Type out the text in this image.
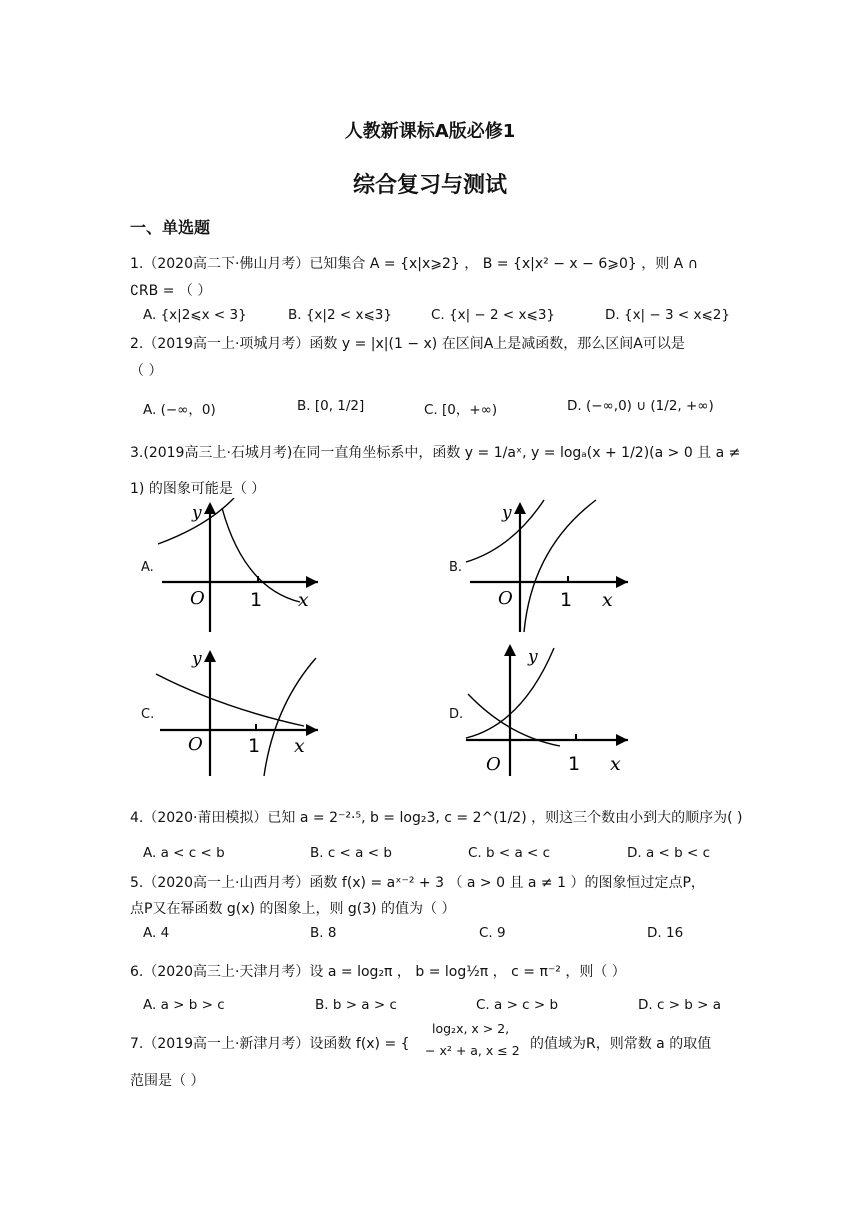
人教新课标A版必修1
综合复习与测试
一、单选题
1.（2020高二下·佛山月考）已知集合 A = {x|x⩾2} ， B = {x|x² − x − 6⩾0} ，则 A ∩
∁RB = （ ）
A. {x|2⩽x < 3}	B. {x|2 < x⩽3}	C. {x| − 2 < x⩽3}	D. {x| − 3 < x⩽2}
2.（2019高一上·项城月考）函数 y = |x|(1 − x) 在区间A上是减函数，那么区间A可以是
（ ）
A. (−∞，0)	B. [0, 1/2]	C. [0，+∞)	D. (−∞,0) ∪ (1/2, +∞)
3.(2019高三上·石城月考)在同一直角坐标系中，函数 y = 1/aˣ, y = logₐ(x + 1/2)(a > 0 且 a ≠
1) 的图象可能是（ ）
A.	B.
C.	D.
y
O 1 x
y
O 1 x
y
O 1 x
y
O	1 x
4.（2020·莆田模拟）已知 a = 2⁻²·⁵, b = log₂3, c = 2^(1/2) ，则这三个数由小到大的顺序为( )
A. a < c < b	B. c < a < b	C. b < a < c	D. a < b < c
5.（2020高一上·山西月考）函数 f(x) = aˣ⁻² + 3 （ a > 0 且 a ≠ 1 ）的图象恒过定点P，
点P又在幂函数 g(x) 的图象上，则 g(3) 的值为（ ）
A. 4	B. 8	C. 9	D. 16
6.（2020高三上·天津月考）设 a = log₂π ， b = log½π ， c = π⁻² ，则（ ）
A. a > b > c	B. b > a > c	C. a > c > b	D. c > b > a
7.（2019高一上·新津月考）设函数 f(x) = {
log₂x, x > 2,
− x² + a, x ≤ 2 的值域为R，则常数 a 的取值
范围是（ ）
